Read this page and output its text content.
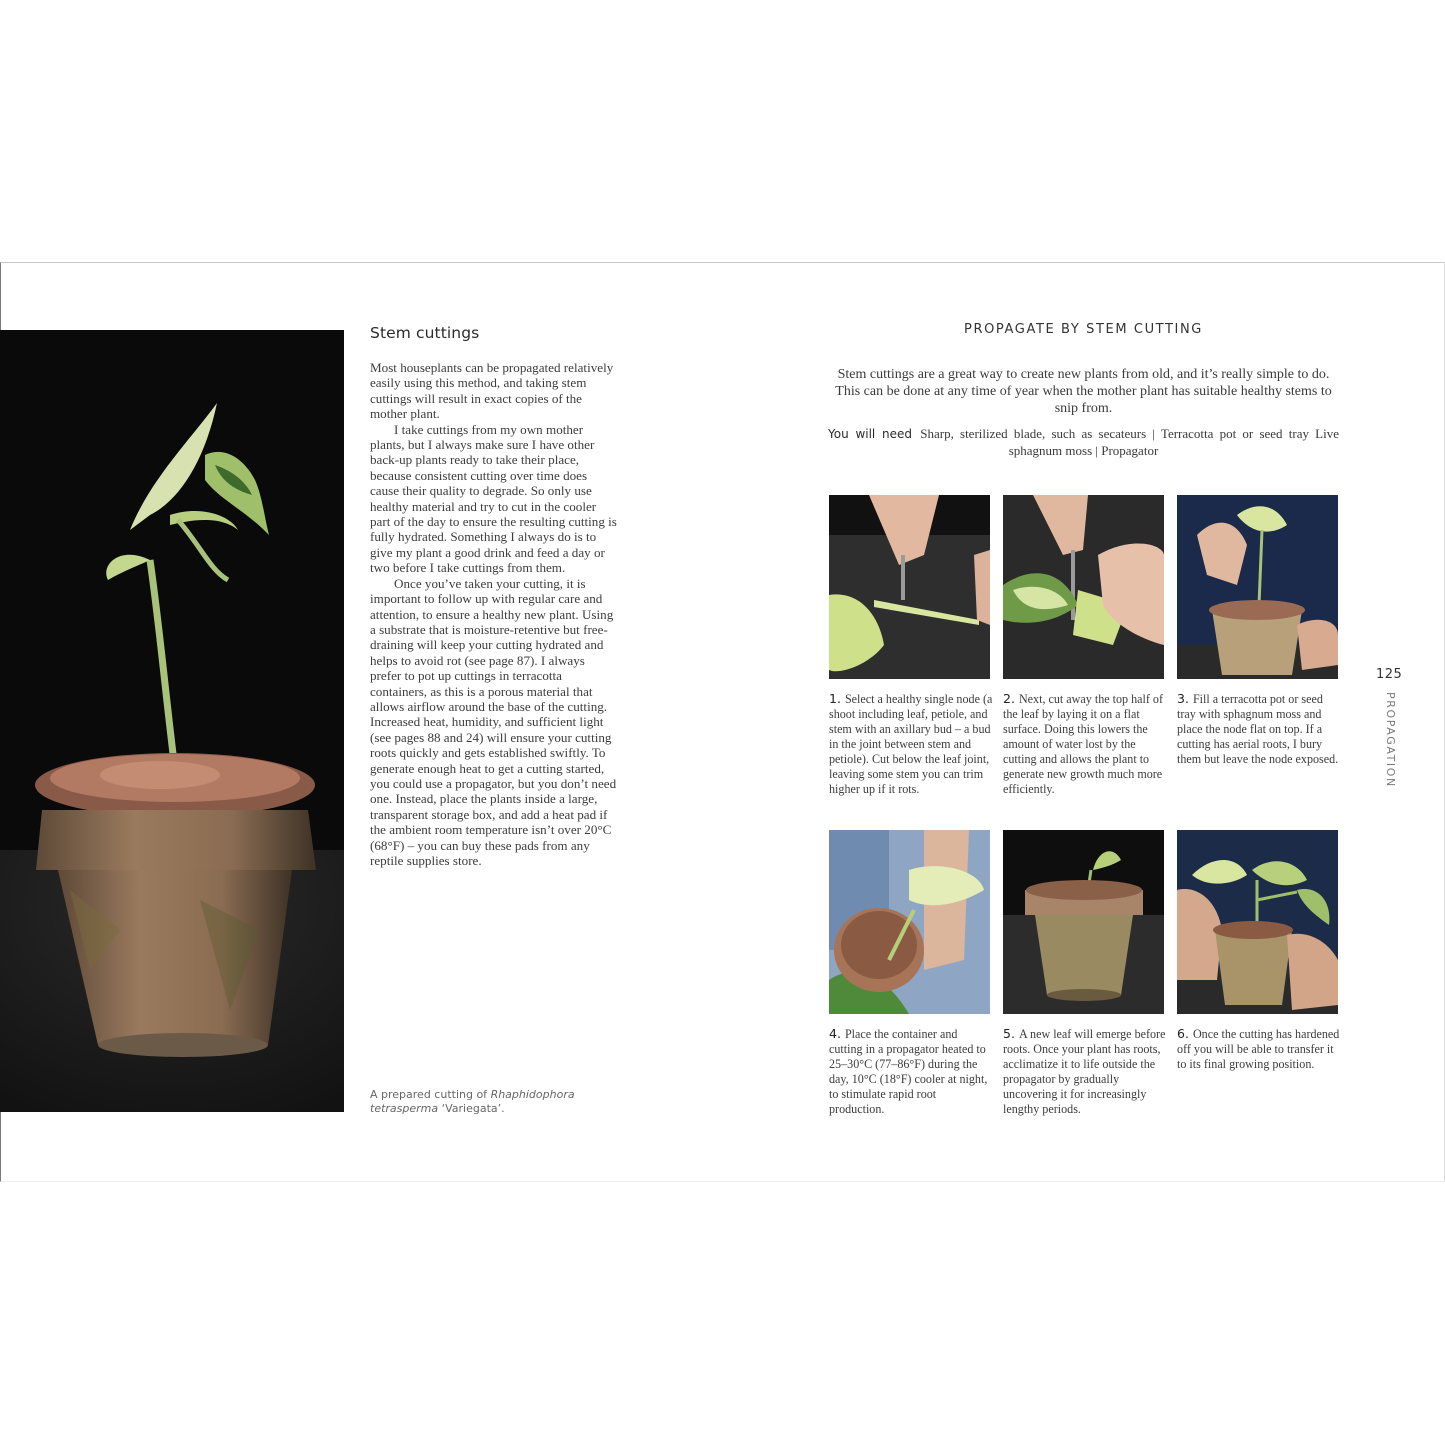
Stem cuttings

Most houseplants can be propagated relatively easily using this method, and taking stem cuttings will result in exact copies of the mother plant.

I take cuttings from my own mother plants, but I always make sure I have other back-up plants ready to take their place, because consistent cutting over time does cause their quality to degrade. So only use healthy material and try to cut in the cooler part of the day to ensure the resulting cutting is fully hydrated. Something I always do is to give my plant a good drink and feed a day or two before I take cuttings from them.

Once you’ve taken your cutting, it is important to follow up with regular care and attention, to ensure a healthy new plant. Using a substrate that is moisture-retentive but free-draining will keep your cutting hydrated and helps to avoid rot (see page 87). I always prefer to pot up cuttings in terracotta containers, as this is a porous material that allows airflow around the base of the cutting. Increased heat, humidity, and sufficient light (see pages 88 and 24) will ensure your cutting roots quickly and gets established swiftly. To generate enough heat to get a cutting started, you could use a propagator, but you don’t need one. Instead, place the plants inside a large, transparent storage box, and add a heat pad if the ambient room temperature isn’t over 20°C (68°F) – you can buy these pads from any reptile supplies store.

A prepared cutting of Rhaphidophora tetrasperma ‘Variegata’.
PROPAGATE BY STEM CUTTING
Stem cuttings are a great way to create new plants from old, and it’s really simple to do. This can be done at any time of year when the mother plant has suitable healthy stems to snip from.
You will need Sharp, sterilized blade, such as secateurs | Terracotta pot or seed tray Live sphagnum moss | Propagator
1. Select a healthy single node (a shoot including leaf, petiole, and stem with an axillary bud – a bud in the joint between stem and petiole). Cut below the leaf joint, leaving some stem you can trim higher up if it rots.
2. Next, cut away the top half of the leaf by laying it on a flat surface. Doing this lowers the amount of water lost by the cutting and allows the plant to generate new growth much more efficiently.
3. Fill a terracotta pot or seed tray with sphagnum moss and place the node flat on top. If a cutting has aerial roots, I bury them but leave the node exposed.
4. Place the container and cutting in a propagator heated to 25–30°C (77–86°F) during the day, 10°C (18°F) cooler at night, to stimulate rapid root production.
5. A new leaf will emerge before roots. Once your plant has roots, acclimatize it to life outside the propagator by gradually uncovering it for increasingly lengthy periods.
6. Once the cutting has hardened off you will be able to transfer it to its final growing position.
125
PROPAGATION
